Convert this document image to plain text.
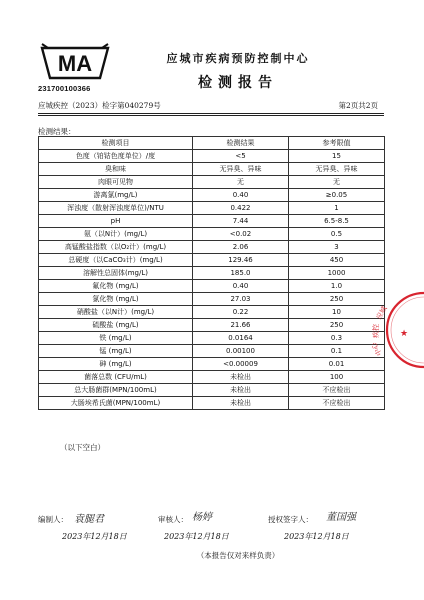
MA
231700100366
应城市疾病预防控制中心
检测报告
应城疾控（2023）检字第040279号	第2页共2页
检测结果：
检测项目	检测结果	参考限值
色度（铂钴色度单位）/度	<5	15
臭和味	无异臭、异味	无异臭、异味
肉眼可见物	无	无
游离氯(mg/L)	0.40	≥0.05
浑浊度（散射浑浊度单位)/NTU	0.422	1
pH	7.44	6.5-8.5
氨（以N计）(mg/L)	<0.02	0.5
高锰酸盐指数（以O₂计）(mg/L)	2.06	3
总硬度（以CaCO₃计）(mg/L)	129.46	450
溶解性总固体(mg/L)	185.0	1000
氟化物 (mg/L)	0.40	1.0
氯化物 (mg/L)	27.03	250
硝酸盐（以N计）(mg/L)	0.22	10
硫酸盐 (mg/L)	21.66	250
铁 (mg/L)	0.0164	0.3
锰 (mg/L)	0.00100	0.1
砷 (mg/L)	<0.00009	0.01
菌落总数 (CFU/mL)	未检出	100
总大肠菌群(MPN/100mL)	未检出	不应检出
大肠埃希氏菌(MPN/100mL)	未检出	不应检出
（以下空白）
编制人： 袁腿君	审核人： 杨婷	授权签字人： 董国强
2023年12月18日	2023年12月18日	2023年12月18日
（本报告仅对来样负责）
应城
疾控
中心
★
